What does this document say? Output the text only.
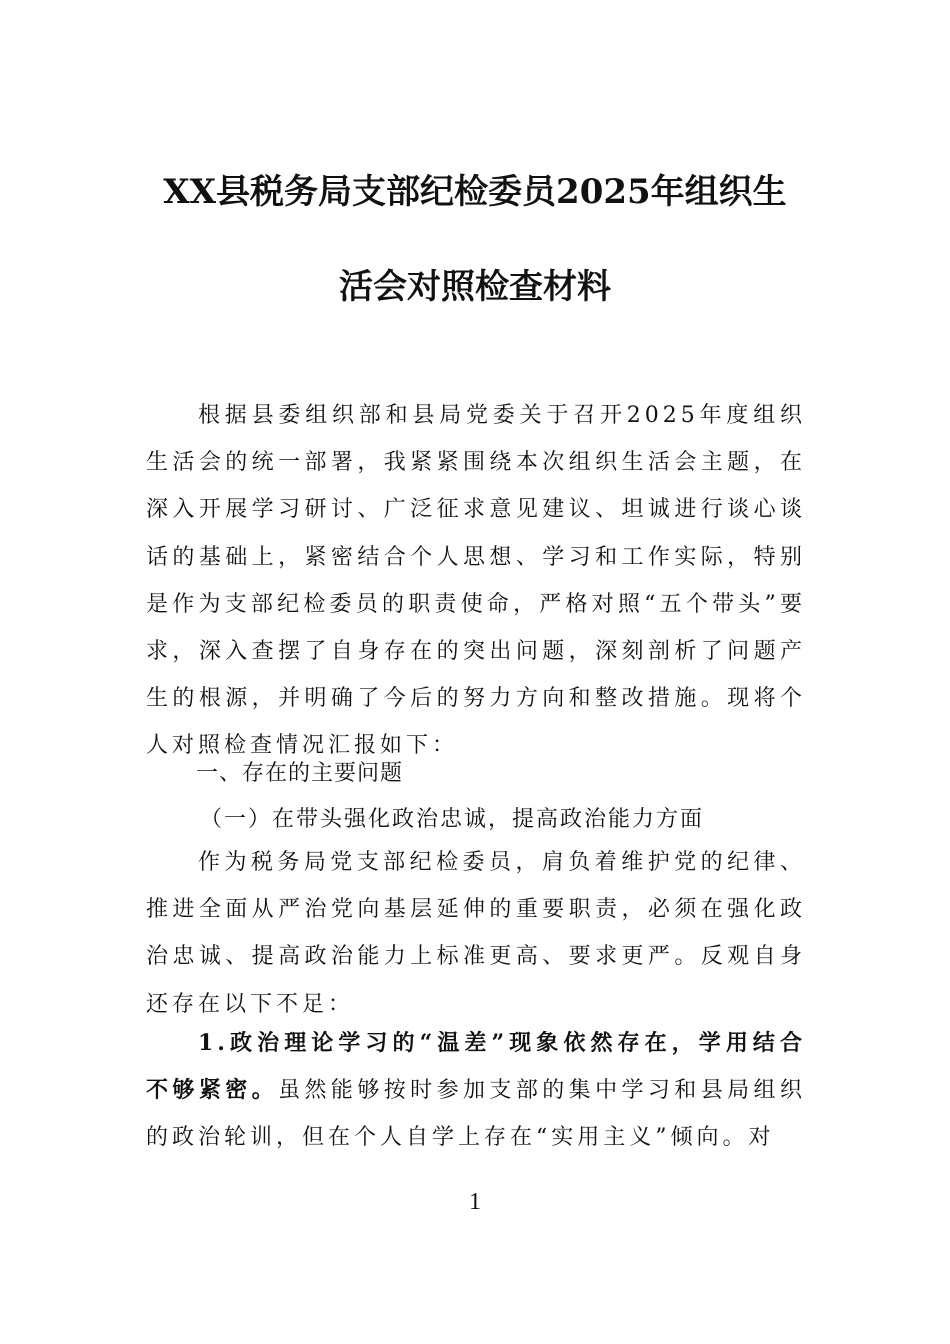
XX县税务局支部纪检委员2025年组织生
活会对照检查材料

根据县委组织部和县局党委关于召开2025年度组织生活会的统一部署，我紧紧围绕本次组织生活会主题，在深入开展学习研讨、广泛征求意见建议、坦诚进行谈心谈话的基础上，紧密结合个人思想、学习和工作实际，特别是作为支部纪检委员的职责使命，严格对照“五个带头”要求，深入查摆了自身存在的突出问题，深刻剖析了问题产生的根源，并明确了今后的努力方向和整改措施。现将个人对照检查情况汇报如下：

一、存在的主要问题

（一）在带头强化政治忠诚，提高政治能力方面

作为税务局党支部纪检委员，肩负着维护党的纪律、推进全面从严治党向基层延伸的重要职责，必须在强化政治忠诚、提高政治能力上标准更高、要求更严。反观自身还存在以下不足：

1.政治理论学习的“温差”现象依然存在，学用结合不够紧密。虽然能够按时参加支部的集中学习和县局组织的政治轮训，但在个人自学上存在“实用主义”倾向。对

1
